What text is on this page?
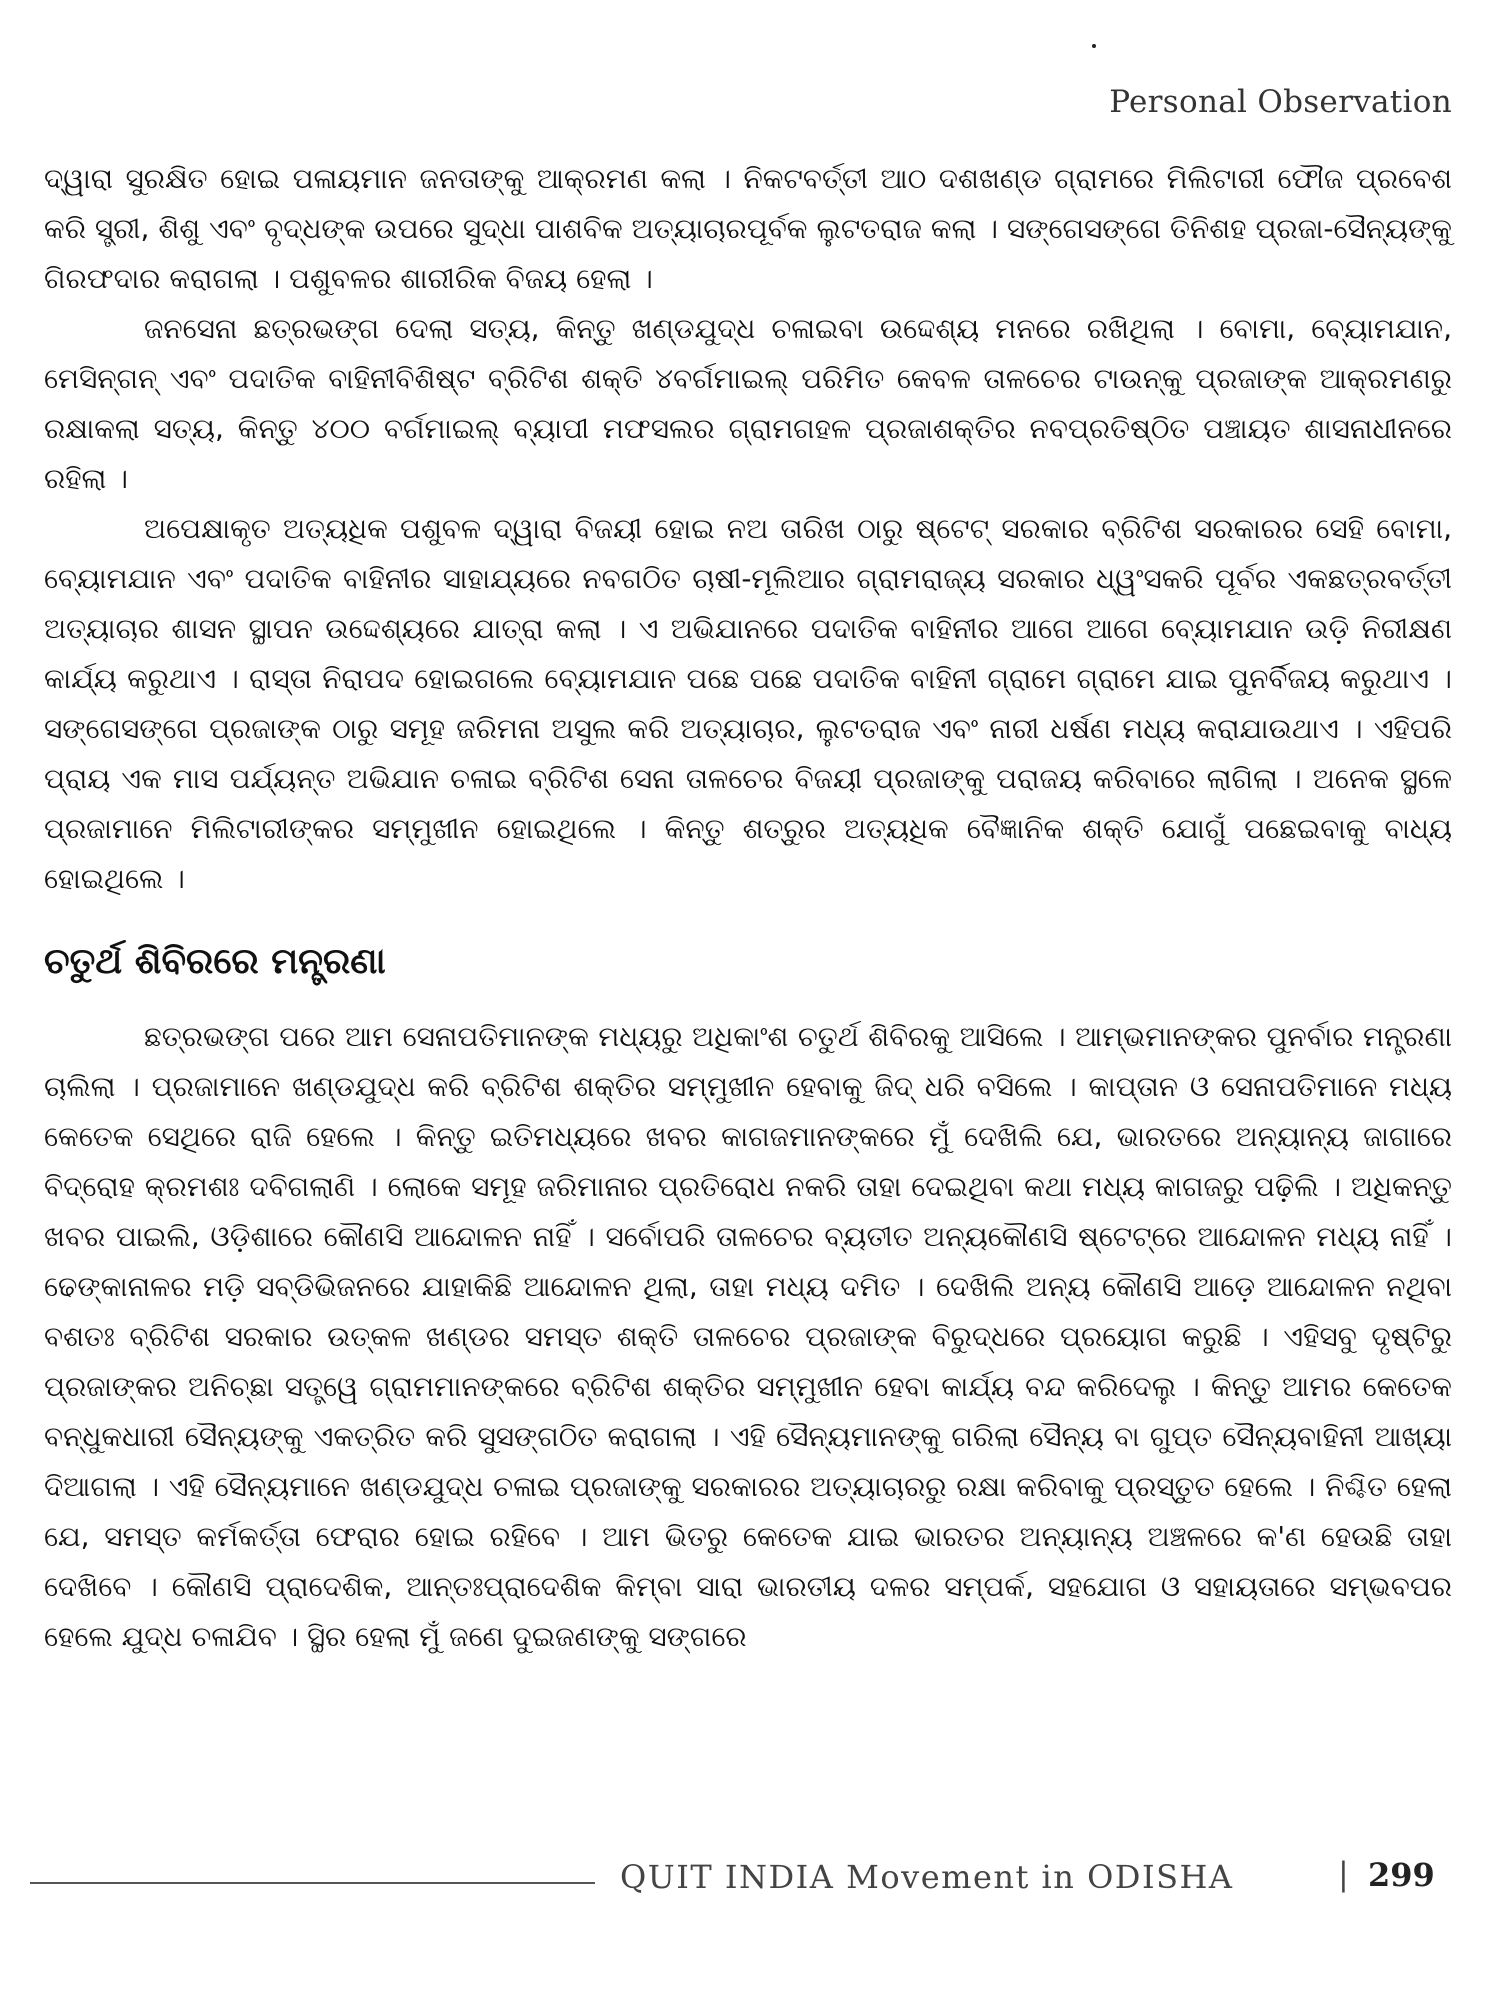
Personal Observation

ଦ୍ୱାରା ସୁରକ୍ଷିତ ହୋଇ ପଳାୟମାନ ଜନତାଙ୍କୁ ଆକ୍ରମଣ କଲା । ନିକଟବର୍ତ୍ତୀ ଆଠ ଦଶଖଣ୍ଡ ଗ୍ରାମରେ ମିଲିଟାରୀ ଫୌଜ ପ୍ରବେଶ କରି ସ୍ତ୍ରୀ, ଶିଶୁ ଏବଂ ବୃଦ୍ଧଙ୍କ ଉପରେ ସୁଦ୍ଧା ପାଶବିକ ଅତ୍ୟାଚାରପୂର୍ବକ ଲୁଟତରାଜ କଲା । ସଙ୍ଗେସଙ୍ଗେ ତିନିଶହ ପ୍ରଜା-ସୈନ୍ୟଙ୍କୁ ଗିରଫଦାର କରାଗଲା । ପଶୁବଳର ଶାରୀରିକ ବିଜୟ ହେଲା ।

ଜନସେନା ଛତ୍ରଭଙ୍ଗ ଦେଲା ସତ୍ୟ, କିନ୍ତୁ ଖଣ୍ଡଯୁଦ୍ଧ ଚଳାଇବା ଉଦ୍ଦେଶ୍ୟ ମନରେ ରଖିଥିଲା । ବୋମା, ବ୍ୟୋମଯାନ, ମେସିନ୍‌ଗନ୍ ଏବଂ ପଦାତିକ ବାହିନୀବିଶିଷ୍ଟ ବ୍ରିଟିଶ ଶକ୍ତି ୪ବର୍ଗମାଇଲ୍ ପରିମିତ କେବଳ ତାଳଚେର ଟାଉନ୍‌କୁ ପ୍ରଜାଙ୍କ ଆକ୍ରମଣରୁ ରକ୍ଷାକଲା ସତ୍ୟ, କିନ୍ତୁ ୪୦୦ ବର୍ଗମାଇଲ୍ ବ୍ୟାପୀ ମଫସଲର ଗ୍ରାମଗହଳ ପ୍ରଜାଶକ୍ତିର ନବପ୍ରତିଷ୍ଠିତ ପଞ୍ଚାୟତ ଶାସନାଧୀନରେ ରହିଲା ।

ଅପେକ୍ଷାକୃତ ଅତ୍ୟଧିକ ପଶୁବଳ ଦ୍ୱାରା ବିଜୟୀ ହୋଇ ନଅ ତାରିଖ ଠାରୁ ଷ୍ଟେଟ୍ ସରକାର ବ୍ରିଟିଶ ସରକାରର ସେହି ବୋମା, ବ୍ୟୋମଯାନ ଏବଂ ପଦାତିକ ବାହିନୀର ସାହାଯ୍ୟରେ ନବଗଠିତ ଚାଷୀ-ମୂଲିଆର ଗ୍ରାମରାଜ୍ୟ ସରକାର ଧ୍ୱଂସକରି ପୂର୍ବର ଏକଛତ୍ରବର୍ତ୍ତୀ ଅତ୍ୟାଚାର ଶାସନ ସ୍ଥାପନ ଉଦ୍ଦେଶ୍ୟରେ ଯାତ୍ରା କଲା । ଏ ଅଭିଯାନରେ ପଦାତିକ ବାହିନୀର ଆଗେ ଆଗେ ବ୍ୟୋମଯାନ ଉଡ଼ି ନିରୀକ୍ଷଣ କାର୍ଯ୍ୟ କରୁଥାଏ । ରାସ୍ତା ନିରାପଦ ହୋଇଗଲେ ବ୍ୟୋମଯାନ ପଛେ ପଛେ ପଦାତିକ ବାହିନୀ ଗ୍ରାମେ ଗ୍ରାମେ ଯାଇ ପୁନର୍ବିଜୟ କରୁଥାଏ । ସଙ୍ଗେସଙ୍ଗେ ପ୍ରଜାଙ୍କ ଠାରୁ ସମୂହ ଜରିମନା ଅସୁଲ କରି ଅତ୍ୟାଚାର, ଲୁଟତରାଜ ଏବଂ ନାରୀ ଧର୍ଷଣ ମଧ୍ୟ କରାଯାଉଥାଏ । ଏହିପରି ପ୍ରାୟ ଏକ ମାସ ପର୍ଯ୍ୟନ୍ତ ଅଭିଯାନ ଚଳାଇ ବ୍ରିଟିଶ ସେନା ତାଳଚେର ବିଜୟୀ ପ୍ରଜାଙ୍କୁ ପରାଜୟ କରିବାରେ ଲାଗିଲା । ଅନେକ ସ୍ଥଳେ ପ୍ରଜାମାନେ ମିଲିଟାରୀଙ୍କର ସମ୍ମୁଖୀନ ହୋଇଥିଲେ । କିନ୍ତୁ ଶତ୍ରୁର ଅତ୍ୟଧିକ ବୈଜ୍ଞାନିକ ଶକ୍ତି ଯୋଗୁଁ ପଛେଇବାକୁ ବାଧ୍ୟ ହୋଇଥିଲେ ।

ଚତୁର୍ଥ ଶିବିରରେ ମନ୍ତ୍ରଣା

ଛତ୍ରଭଙ୍ଗ ପରେ ଆମ ସେନାପତିମାନଙ୍କ ମଧ୍ୟରୁ ଅଧିକାଂଶ ଚତୁର୍ଥ ଶିବିରକୁ ଆସିଲେ । ଆମ୍ଭମାନଙ୍କର ପୁନର୍ବାର ମନ୍ତ୍ରଣା ଚାଲିଲା । ପ୍ରଜାମାନେ ଖଣ୍ଡଯୁଦ୍ଧ କରି ବ୍ରିଟିଶ ଶକ୍ତିର ସମ୍ମୁଖୀନ ହେବାକୁ ଜିଦ୍ ଧରି ବସିଲେ । କାପ୍ତାନ ଓ ସେନାପତିମାନେ ମଧ୍ୟ କେତେକ ସେଥିରେ ରାଜି ହେଲେ । କିନ୍ତୁ ଇତିମଧ୍ୟରେ ଖବର କାଗଜମାନଙ୍କରେ ମୁଁ ଦେଖିଲି ଯେ, ଭାରତରେ ଅନ୍ୟାନ୍ୟ ଜାଗାରେ ବିଦ୍ରୋହ କ୍ରମଶଃ ଦବିଗଲାଣି । ଲୋକେ ସମୂହ ଜରିମାନାର ପ୍ରତିରୋଧ ନକରି ତାହା ଦେଇଥିବା କଥା ମଧ୍ୟ କାଗଜରୁ ପଢ଼ିଲି । ଅଧିକନ୍ତୁ ଖବର ପାଇଲି, ଓଡ଼ିଶାରେ କୌଣସି ଆନ୍ଦୋଳନ ନାହିଁ । ସର୍ବୋପରି ତାଳଚେର ବ୍ୟତୀତ ଅନ୍ୟକୌଣସି ଷ୍ଟେଟ୍‌ରେ ଆନ୍ଦୋଳନ ମଧ୍ୟ ନାହିଁ । ଢେଙ୍କାନାଳର ମଡ଼ି ସବ୍‌ଡିଭିଜନରେ ଯାହାକିଛି ଆନ୍ଦୋଳନ ଥିଲା, ତାହା ମଧ୍ୟ ଦମିତ । ଦେଖିଲି ଅନ୍ୟ କୌଣସି ଆଡ଼େ ଆନ୍ଦୋଳନ ନଥିବା ବଶତଃ ବ୍ରିଟିଶ ସରକାର ଉତ୍କଳ ଖଣ୍ଡର ସମସ୍ତ ଶକ୍ତି ତାଳଚେର ପ୍ରଜାଙ୍କ ବିରୁଦ୍ଧରେ ପ୍ରୟୋଗ କରୁଛି । ଏହିସବୁ ଦୃଷ୍ଟିରୁ ପ୍ରଜାଙ୍କର ଅନିଚ୍ଛା ସତ୍ତ୍ୱେ ଗ୍ରାମମାନଙ୍କରେ ବ୍ରିଟିଶ ଶକ୍ତିର ସମ୍ମୁଖୀନ ହେବା କାର୍ଯ୍ୟ ବନ୍ଦ କରିଦେଲୁ । କିନ୍ତୁ ଆମର କେତେକ ବନ୍ଧୁକଧାରୀ ସୈନ୍ୟଙ୍କୁ ଏକତ୍ରିତ କରି ସୁସଙ୍ଗଠିତ କରାଗଲା । ଏହି ସୈନ୍ୟମାନଙ୍କୁ ଗରିଲା ସୈନ୍ୟ ବା ଗୁପ୍ତ ସୈନ୍ୟବାହିନୀ ଆଖ୍ୟା ଦିଆଗଲା । ଏହି ସୈନ୍ୟମାନେ ଖଣ୍ଡଯୁଦ୍ଧ ଚଳାଇ ପ୍ରଜାଙ୍କୁ ସରକାରର ଅତ୍ୟାଚାରରୁ ରକ୍ଷା କରିବାକୁ ପ୍ରସ୍ତୁତ ହେଲେ । ନିଶ୍ଚିତ ହେଲା ଯେ, ସମସ୍ତ କର୍ମକର୍ତ୍ତା ଫେରାର ହୋଇ ରହିବେ । ଆମ ଭିତରୁ କେତେକ ଯାଇ ଭାରତର ଅନ୍ୟାନ୍ୟ ଅଞ୍ଚଳରେ କ'ଣ ହେଉଛି ତାହା ଦେଖିବେ । କୌଣସି ପ୍ରାଦେଶିକ, ଆନ୍ତଃପ୍ରାଦେଶିକ କିମ୍ବା ସାରା ଭାରତୀୟ ଦଳର ସମ୍ପର୍କ, ସହଯୋଗ ଓ ସହାୟତାରେ ସମ୍ଭବପର ହେଲେ ଯୁଦ୍ଧ ଚଳାଯିବ । ସ୍ଥିର ହେଲା ମୁଁ ଜଣେ ଦୁଇଜଣଙ୍କୁ ସଙ୍ଗରେ

QUIT INDIA Movement in ODISHA	| 299
